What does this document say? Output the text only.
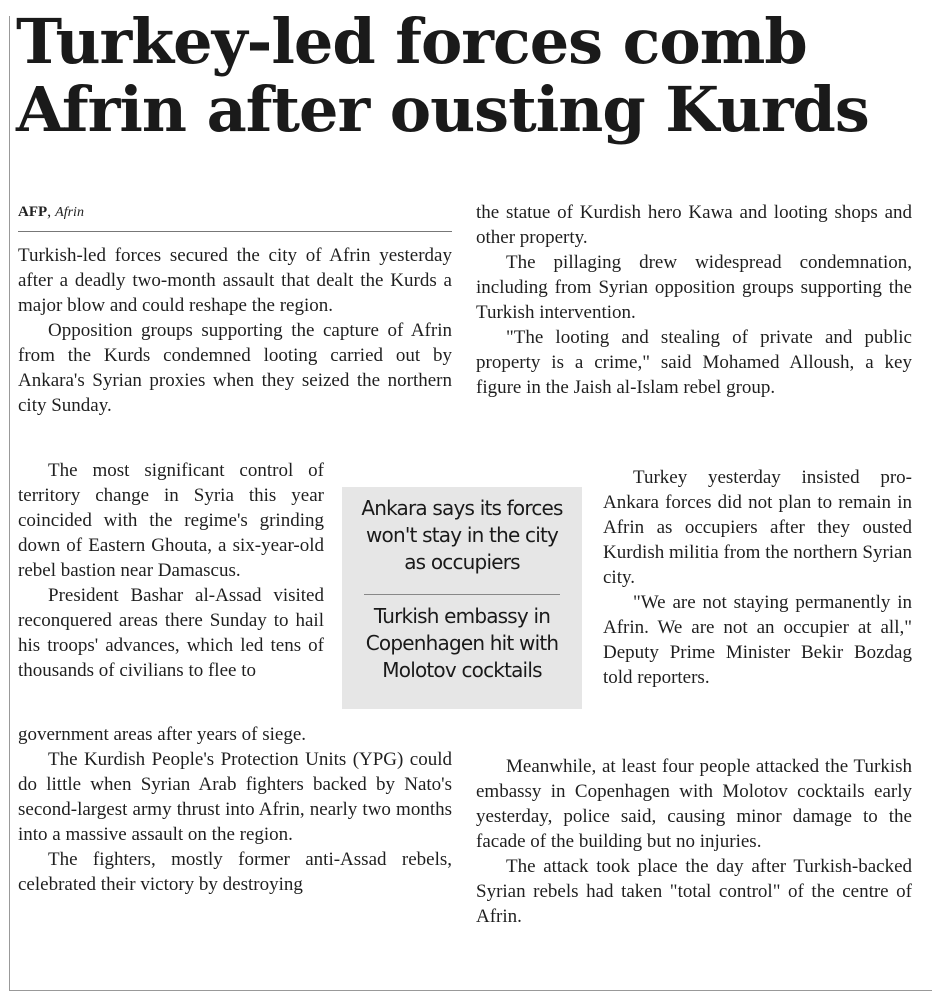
Turkey-led forces comb Afrin after ousting Kurds
AFP, Afrin

Turkish-led forces secured the city of Afrin yesterday after a deadly two-month assault that dealt the Kurds a major blow and could reshape the region.

Opposition groups supporting the capture of Afrin from the Kurds condemned looting carried out by Ankara's Syrian proxies when they seized the northern city Sunday.

The most significant control of territory change in Syria this year coincided with the regime's grinding down of Eastern Ghouta, a six-year-old rebel bastion near Damascus.

President Bashar al-Assad visited reconquered areas there Sunday to hail his troops' advances, which led tens of thousands of civilians to flee to

government areas after years of siege.

The Kurdish People's Protection Units (YPG) could do little when Syrian Arab fighters backed by Nato's second-largest army thrust into Afrin, nearly two months into a massive assault on the region.

The fighters, mostly former anti-Assad rebels, celebrated their victory by destroying

the statue of Kurdish hero Kawa and looting shops and other property.

The pillaging drew widespread condemnation, including from Syrian opposition groups supporting the Turkish intervention.

"The looting and stealing of private and public property is a crime," said Mohamed Alloush, a key figure in the Jaish al-Islam rebel group.

Turkey yesterday insisted pro-Ankara forces did not plan to remain in Afrin as occupiers after they ousted Kurdish militia from the northern Syrian city.

"We are not staying permanently in Afrin. We are not an occupier at all," Deputy Prime Minister Bekir Bozdag told reporters.

Meanwhile, at least four people attacked the Turkish embassy in Copenhagen with Molotov cocktails early yesterday, police said, causing minor damage to the facade of the building but no injuries.

The attack took place the day after Turkish-backed Syrian rebels had taken "total control" of the centre of Afrin.

Ankara says its forces won't stay in the city as occupiers
Turkish embassy in Copenhagen hit with Molotov cocktails
